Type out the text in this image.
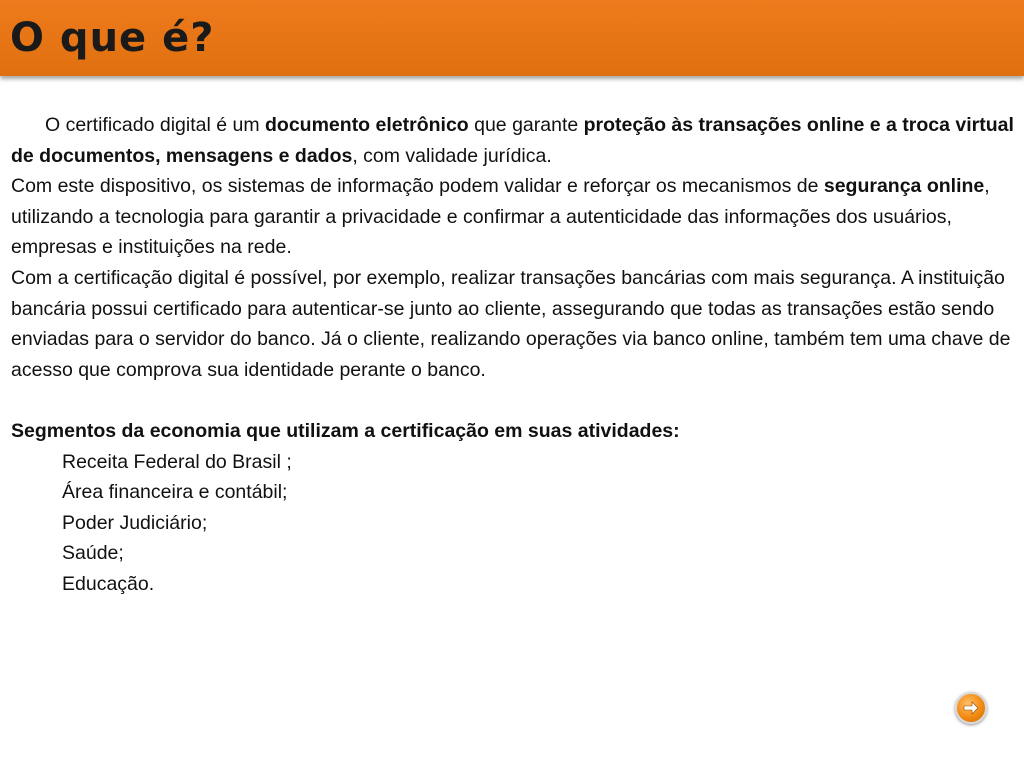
O que é?

O certificado digital é um documento eletrônico que garante proteção às transações online e a troca virtual de documentos, mensagens e dados, com validade jurídica.

Com este dispositivo, os sistemas de informação podem validar e reforçar os mecanismos de segurança online, utilizando a tecnologia para garantir a privacidade e confirmar a autenticidade das informações dos usuários, empresas e instituições na rede.

Com a certificação digital é possível, por exemplo, realizar transações bancárias com mais segurança. A instituição bancária possui certificado para autenticar-se junto ao cliente, assegurando que todas as transações estão sendo enviadas para o servidor do banco. Já o cliente, realizando operações via banco online, também tem uma chave de acesso que comprova sua identidade perante o banco.

Segmentos da economia que utilizam a certificação em suas atividades:

Receita Federal do Brasil ;
Área financeira e contábil;
Poder Judiciário;
Saúde;
Educação.
